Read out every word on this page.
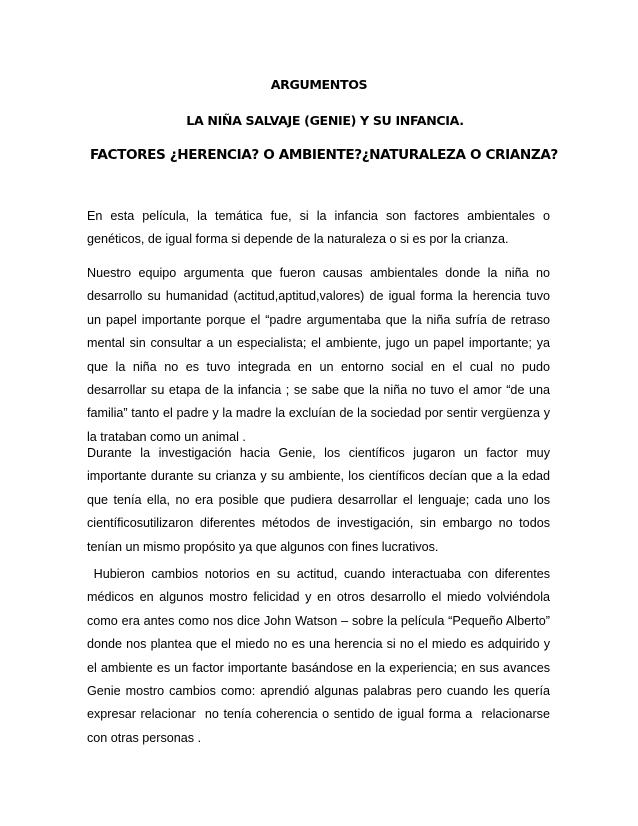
ARGUMENTOS

LA NIÑA SALVAJE (GENIE) Y SU INFANCIA.

FACTORES ¿HERENCIA? O AMBIENTE?¿NATURALEZA O CRIANZA?

En esta película, la temática fue, si la infancia son factores ambientales o genéticos, de igual forma si depende de la naturaleza o si es por la crianza.

Nuestro equipo argumenta que fueron causas ambientales donde la niña no desarrollo su humanidad (actitud,aptitud,valores) de igual forma la herencia tuvo un papel importante porque el “padre argumentaba que la niña sufría de retraso mental sin consultar a un especialista; el ambiente, jugo un papel importante; ya que la niña no es tuvo integrada en un entorno social en el cual no pudo desarrollar su etapa de la infancia ; se sabe que la niña no tuvo el amor “de una familia” tanto el padre y la madre la excluían de la sociedad por sentir vergüenza y la trataban como un animal .

Durante la investigación hacia Genie, los científicos jugaron un factor muy importante durante su crianza y su ambiente, los científicos decían que a la edad que tenía ella, no era posible que pudiera desarrollar el lenguaje; cada uno los científicosutilizaron diferentes métodos de investigación, sin embargo no todos tenían un mismo propósito ya que algunos con fines lucrativos.

Hubieron cambios notorios en su actitud, cuando interactuaba con diferentes médicos en algunos mostro felicidad y en otros desarrollo el miedo volviéndola como era antes como nos dice John Watson – sobre la película “Pequeño Alberto” donde nos plantea que el miedo no es una herencia si no el miedo es adquirido y el ambiente es un factor importante basándose en la experiencia; en sus avances Genie mostro cambios como: aprendió algunas palabras pero cuando les quería expresar relacionar  no tenía coherencia o sentido de igual forma a  relacionarse con otras personas .
